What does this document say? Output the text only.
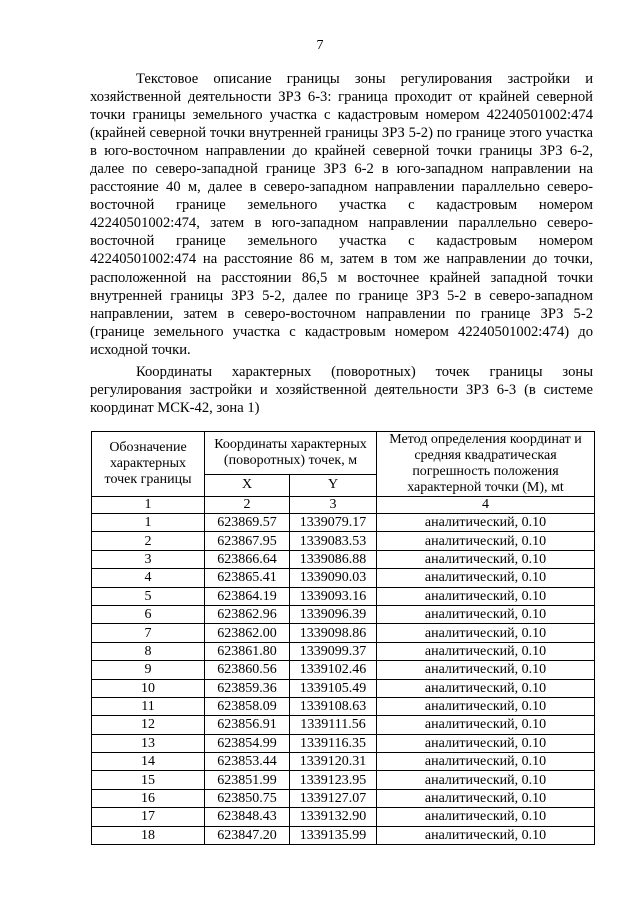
7

Текстовое описание границы зоны регулирования застройки и хозяйственной деятельности ЗРЗ 6-3: граница проходит от крайней северной точки границы земельного участка с кадастровым номером 42240501002:474 (крайней северной точки внутренней границы ЗРЗ 5-2) по границе этого участка в юго-восточном направлении до крайней северной точки границы ЗРЗ 6-2, далее по северо-западной границе ЗРЗ 6-2 в юго-западном направлении на расстояние 40 м, далее в северо-западном направлении параллельно северо-восточной границе земельного участка с кадастровым номером 42240501002:474, затем в юго-западном направлении параллельно северо-восточной границе земельного участка с кадастровым номером 42240501002:474 на расстояние 86 м, затем в том же направлении до точки, расположенной на расстоянии 86,5 м восточнее крайней западной точки внутренней границы ЗРЗ 5-2, далее по границе ЗРЗ 5-2 в северо-западном направлении, затем в северо-восточном направлении по границе ЗРЗ 5-2 (границе земельного участка с кадастровым номером 42240501002:474) до исходной точки.

Координаты характерных (поворотных) точек границы зоны регулирования застройки и хозяйственной деятельности ЗРЗ 6-3 (в системе координат МСК-42, зона 1)

Обозначение характерных точек границы	Координаты характерных (поворотных) точек, м		Метод определения координат и средняя квадратическая погрешность положения характерной точки (М), мt
	X	Y	
1	2	3	4
1	623869.57	1339079.17	аналитический, 0.10
2	623867.95	1339083.53	аналитический, 0.10
3	623866.64	1339086.88	аналитический, 0.10
4	623865.41	1339090.03	аналитический, 0.10
5	623864.19	1339093.16	аналитический, 0.10
6	623862.96	1339096.39	аналитический, 0.10
7	623862.00	1339098.86	аналитический, 0.10
8	623861.80	1339099.37	аналитический, 0.10
9	623860.56	1339102.46	аналитический, 0.10
10	623859.36	1339105.49	аналитический, 0.10
11	623858.09	1339108.63	аналитический, 0.10
12	623856.91	1339111.56	аналитический, 0.10
13	623854.99	1339116.35	аналитический, 0.10
14	623853.44	1339120.31	аналитический, 0.10
15	623851.99	1339123.95	аналитический, 0.10
16	623850.75	1339127.07	аналитический, 0.10
17	623848.43	1339132.90	аналитический, 0.10
18	623847.20	1339135.99	аналитический, 0.10
